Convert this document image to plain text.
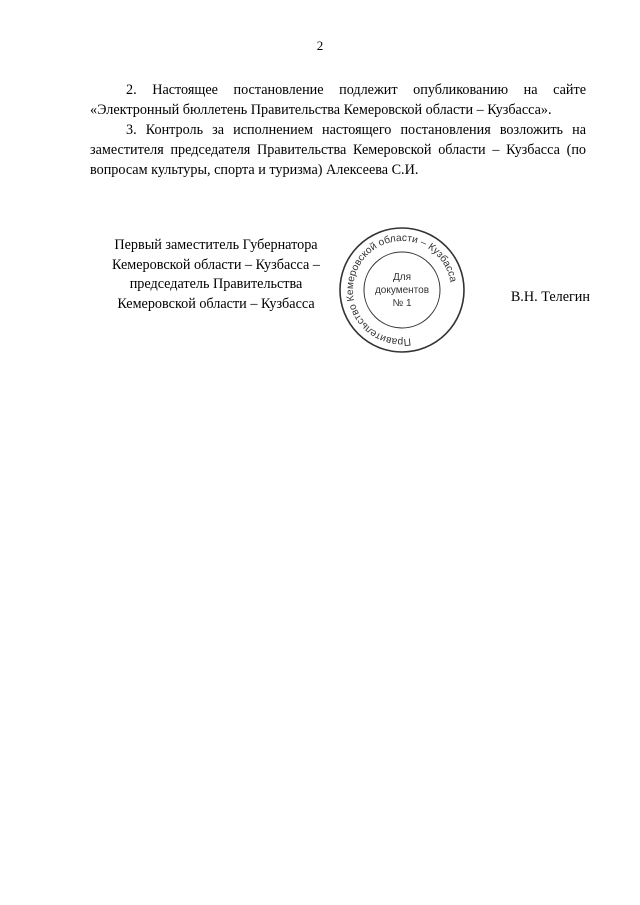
2

2. Настоящее постановление подлежит опубликованию на сайте «Электронный бюллетень Правительства Кемеровской области – Кузбасса».

3. Контроль за исполнением настоящего постановления возложить на заместителя председателя Правительства Кемеровской области – Кузбасса (по вопросам культуры, спорта и туризма) Алексеева С.И.

Первый заместитель Губернатора
Кемеровской области – Кузбасса –
председатель Правительства
Кемеровской области – Кузбасса
Правительство Кемеровской области – Кузбасса
Для
документов
№ 1	В.Н. Телегин
